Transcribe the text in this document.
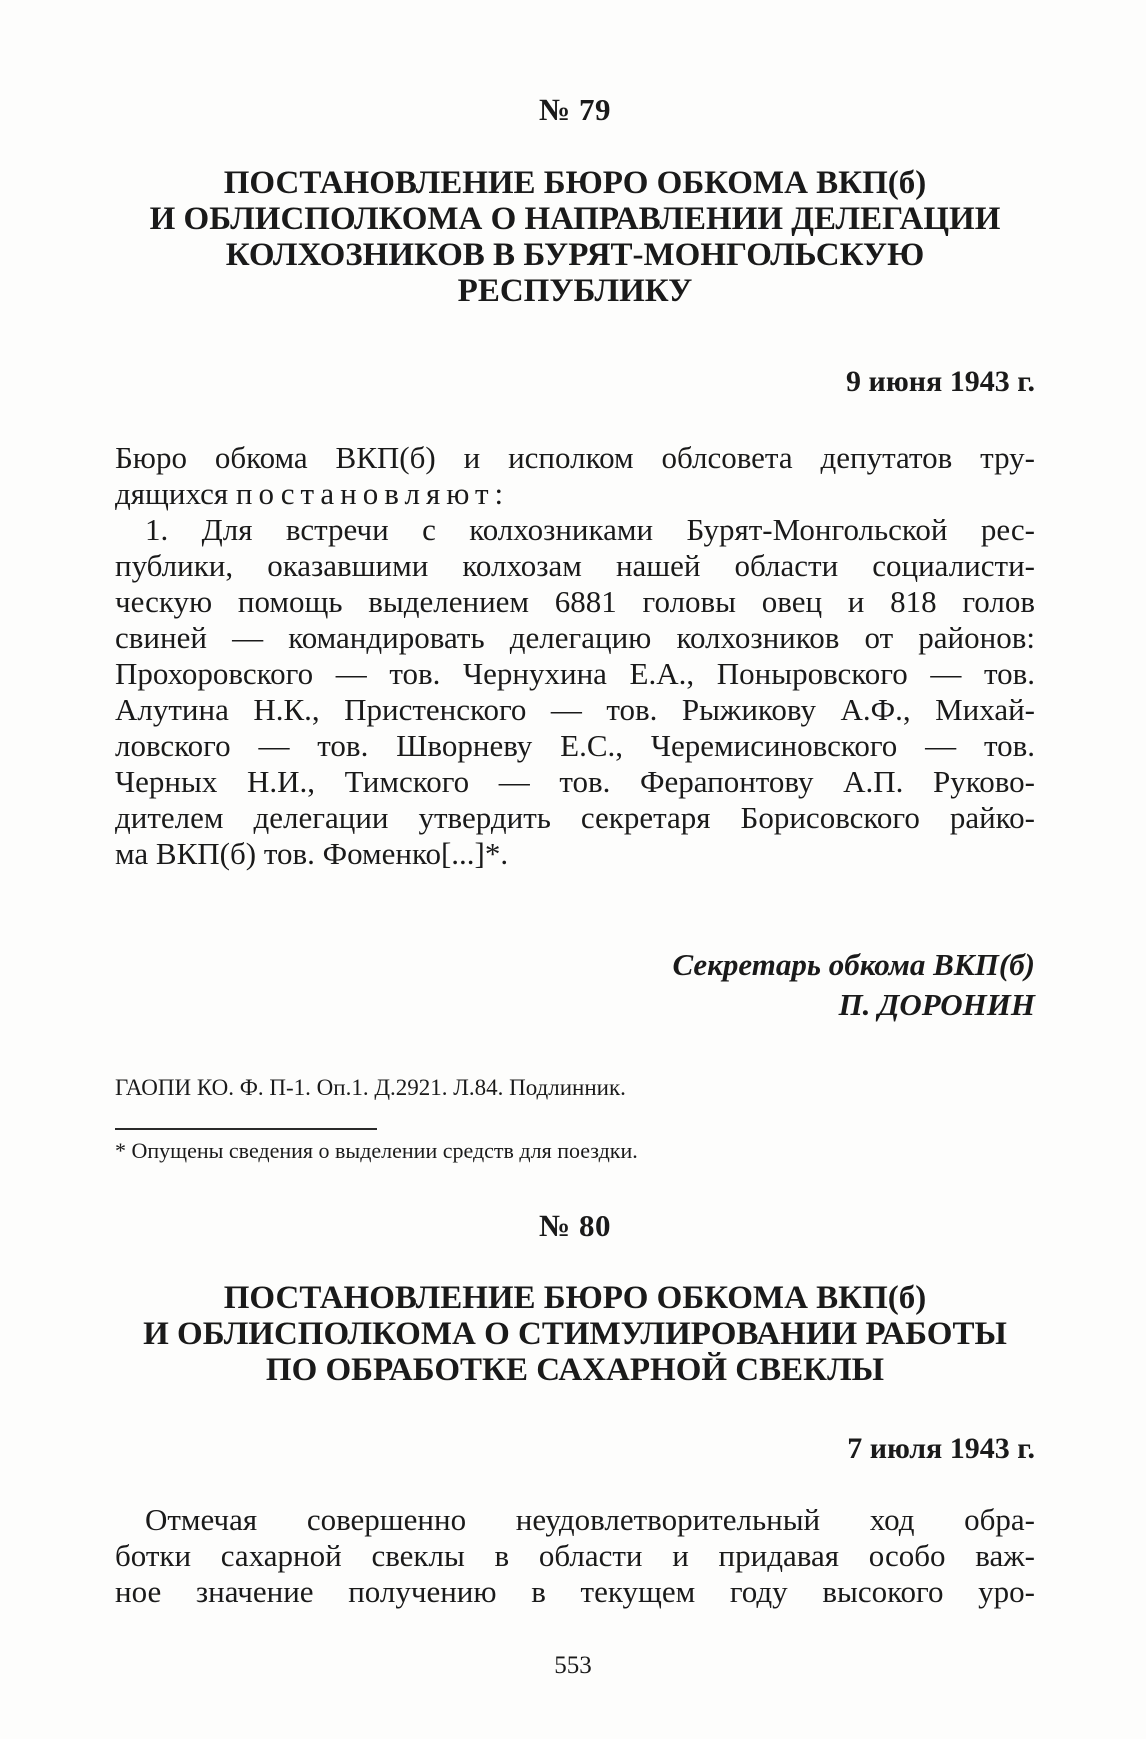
№ 79

ПОСТАНОВЛЕНИЕ БЮРО ОБКОМА ВКП(б)
И ОБЛИСПОЛКОМА О НАПРАВЛЕНИИ ДЕЛЕГАЦИИ
КОЛХОЗНИКОВ В БУРЯТ-МОНГОЛЬСКУЮ
РЕСПУБЛИКУ

9 июня 1943 г.

Бюро обкома ВКП(б) и исполком облсовета депутатов тру-
дящихся постановляют:
1. Для встречи с колхозниками Бурят-Монгольской рес-
публики, оказавшими колхозам нашей области социалисти-
ческую помощь выделением 6881 головы овец и 818 голов
свиней — командировать делегацию колхозников от районов:
Прохоровского — тов. Чернухина Е.А., Поныровского — тов.
Алутина Н.К., Пристенского — тов. Рыжикову А.Ф., Михай-
ловского — тов. Шворневу Е.С., Черемисиновского — тов.
Черных Н.И., Тимского — тов. Ферапонтову А.П. Руково-
дителем делегации утвердить секретаря Борисовского райко-
ма ВКП(б) тов. Фоменко[...]*.

Секретарь обкома ВКП(б)

П. ДОРОНИН

ГАОПИ КО. Ф. П-1. Оп.1. Д.2921. Л.84. Подлинник.

* Опущены сведения о выделении средств для поездки.

№ 80

ПОСТАНОВЛЕНИЕ БЮРО ОБКОМА ВКП(б)
И ОБЛИСПОЛКОМА О СТИМУЛИРОВАНИИ РАБОТЫ
ПО ОБРАБОТКЕ САХАРНОЙ СВЕКЛЫ

7 июля 1943 г.

Отмечая совершенно неудовлетворительный ход обра-
ботки сахарной свеклы в области и придавая особо важ-
ное значение получению в текущем году высокого уро-
553
